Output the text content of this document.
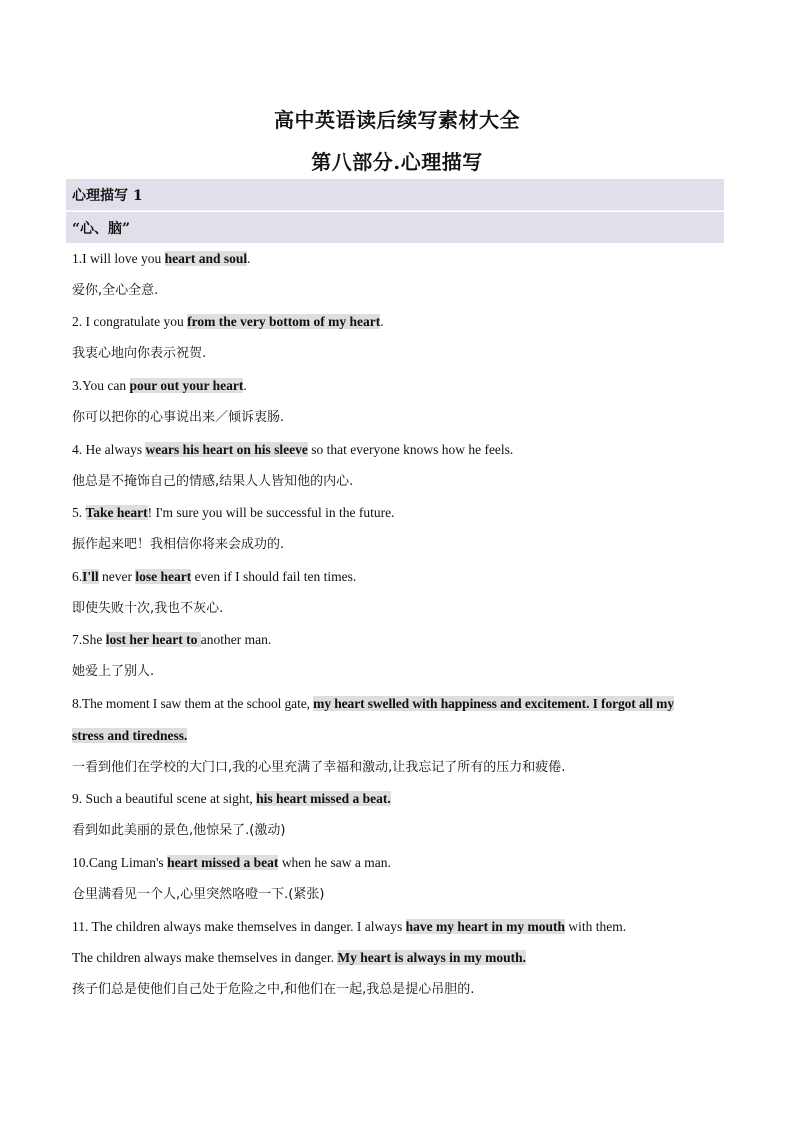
高中英语读后续写素材大全
第八部分.心理描写
心理描写 1
“心、脑”
1.I will love you heart and soul.
爱你,全心全意.
2. I congratulate you from the very bottom of my heart.
我衷心地向你表示祝贺.
3.You can pour out your heart.
你可以把你的心事说出来／倾诉衷肠.
4. He always wears his heart on his sleeve so that everyone knows how he feels.
他总是不掩饰自己的情感,结果人人皆知他的内心.
5. Take heart! I'm sure you will be successful in the future.
振作起来吧！我相信你将来会成功的.
6.I'll never lose heart even if I should fail ten times.
即使失败十次,我也不灰心.
7.She lost her heart to another man.
她爱上了别人.
8.The moment I saw them at the school gate, my heart swelled with happiness and excitement. I forgot all my
stress and tiredness.
一看到他们在学校的大门口,我的心里充满了幸福和激动,让我忘记了所有的压力和疲倦.
9. Such a beautiful scene at sight, his heart missed a beat.
看到如此美丽的景色,他惊呆了.(激动)
10.Cang Liman's heart missed a beat when he saw a man.
仓里满看见一个人,心里突然咯噔一下.(紧张)
11. The children always make themselves in danger. I always have my heart in my mouth with them.
The children always make themselves in danger. My heart is always in my mouth.
孩子们总是使他们自己处于危险之中,和他们在一起,我总是提心吊胆的.
